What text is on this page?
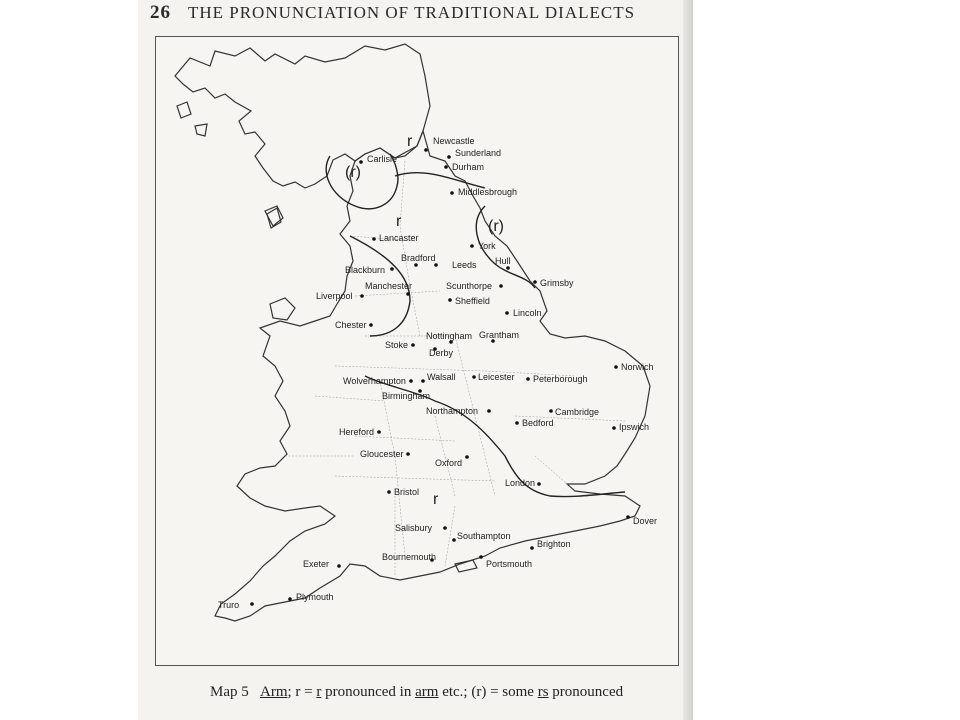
26 THE PRONUNCIATION OF TRADITIONAL DIALECTS
r
(r)
r	(r)
r
Newcastle
Sunderland
Carlisle
Durham
Middlesbrough
Lancaster
York
Bradford
Leeds Hull
Blackburn
Manchester	Scunthorpe	Grimsby
Liverpool	Sheffield
Lincoln
Chester
Nottingham Grantham
Stoke
Derby
Norwich
Wolverhampton Walsall Leicester Peterborough
Birmingham
Northampton	Cambridge
Bedford	Ipswich
Hereford
Gloucester
Oxford
London
Bristol
Dover
Salisbury
Southampton
Brighton
Exeter
Bournemouth
Portsmouth
Plymouth
Truro
Map 5 Arm; r = r pronounced in arm etc.; (r) = some rs pronounced
